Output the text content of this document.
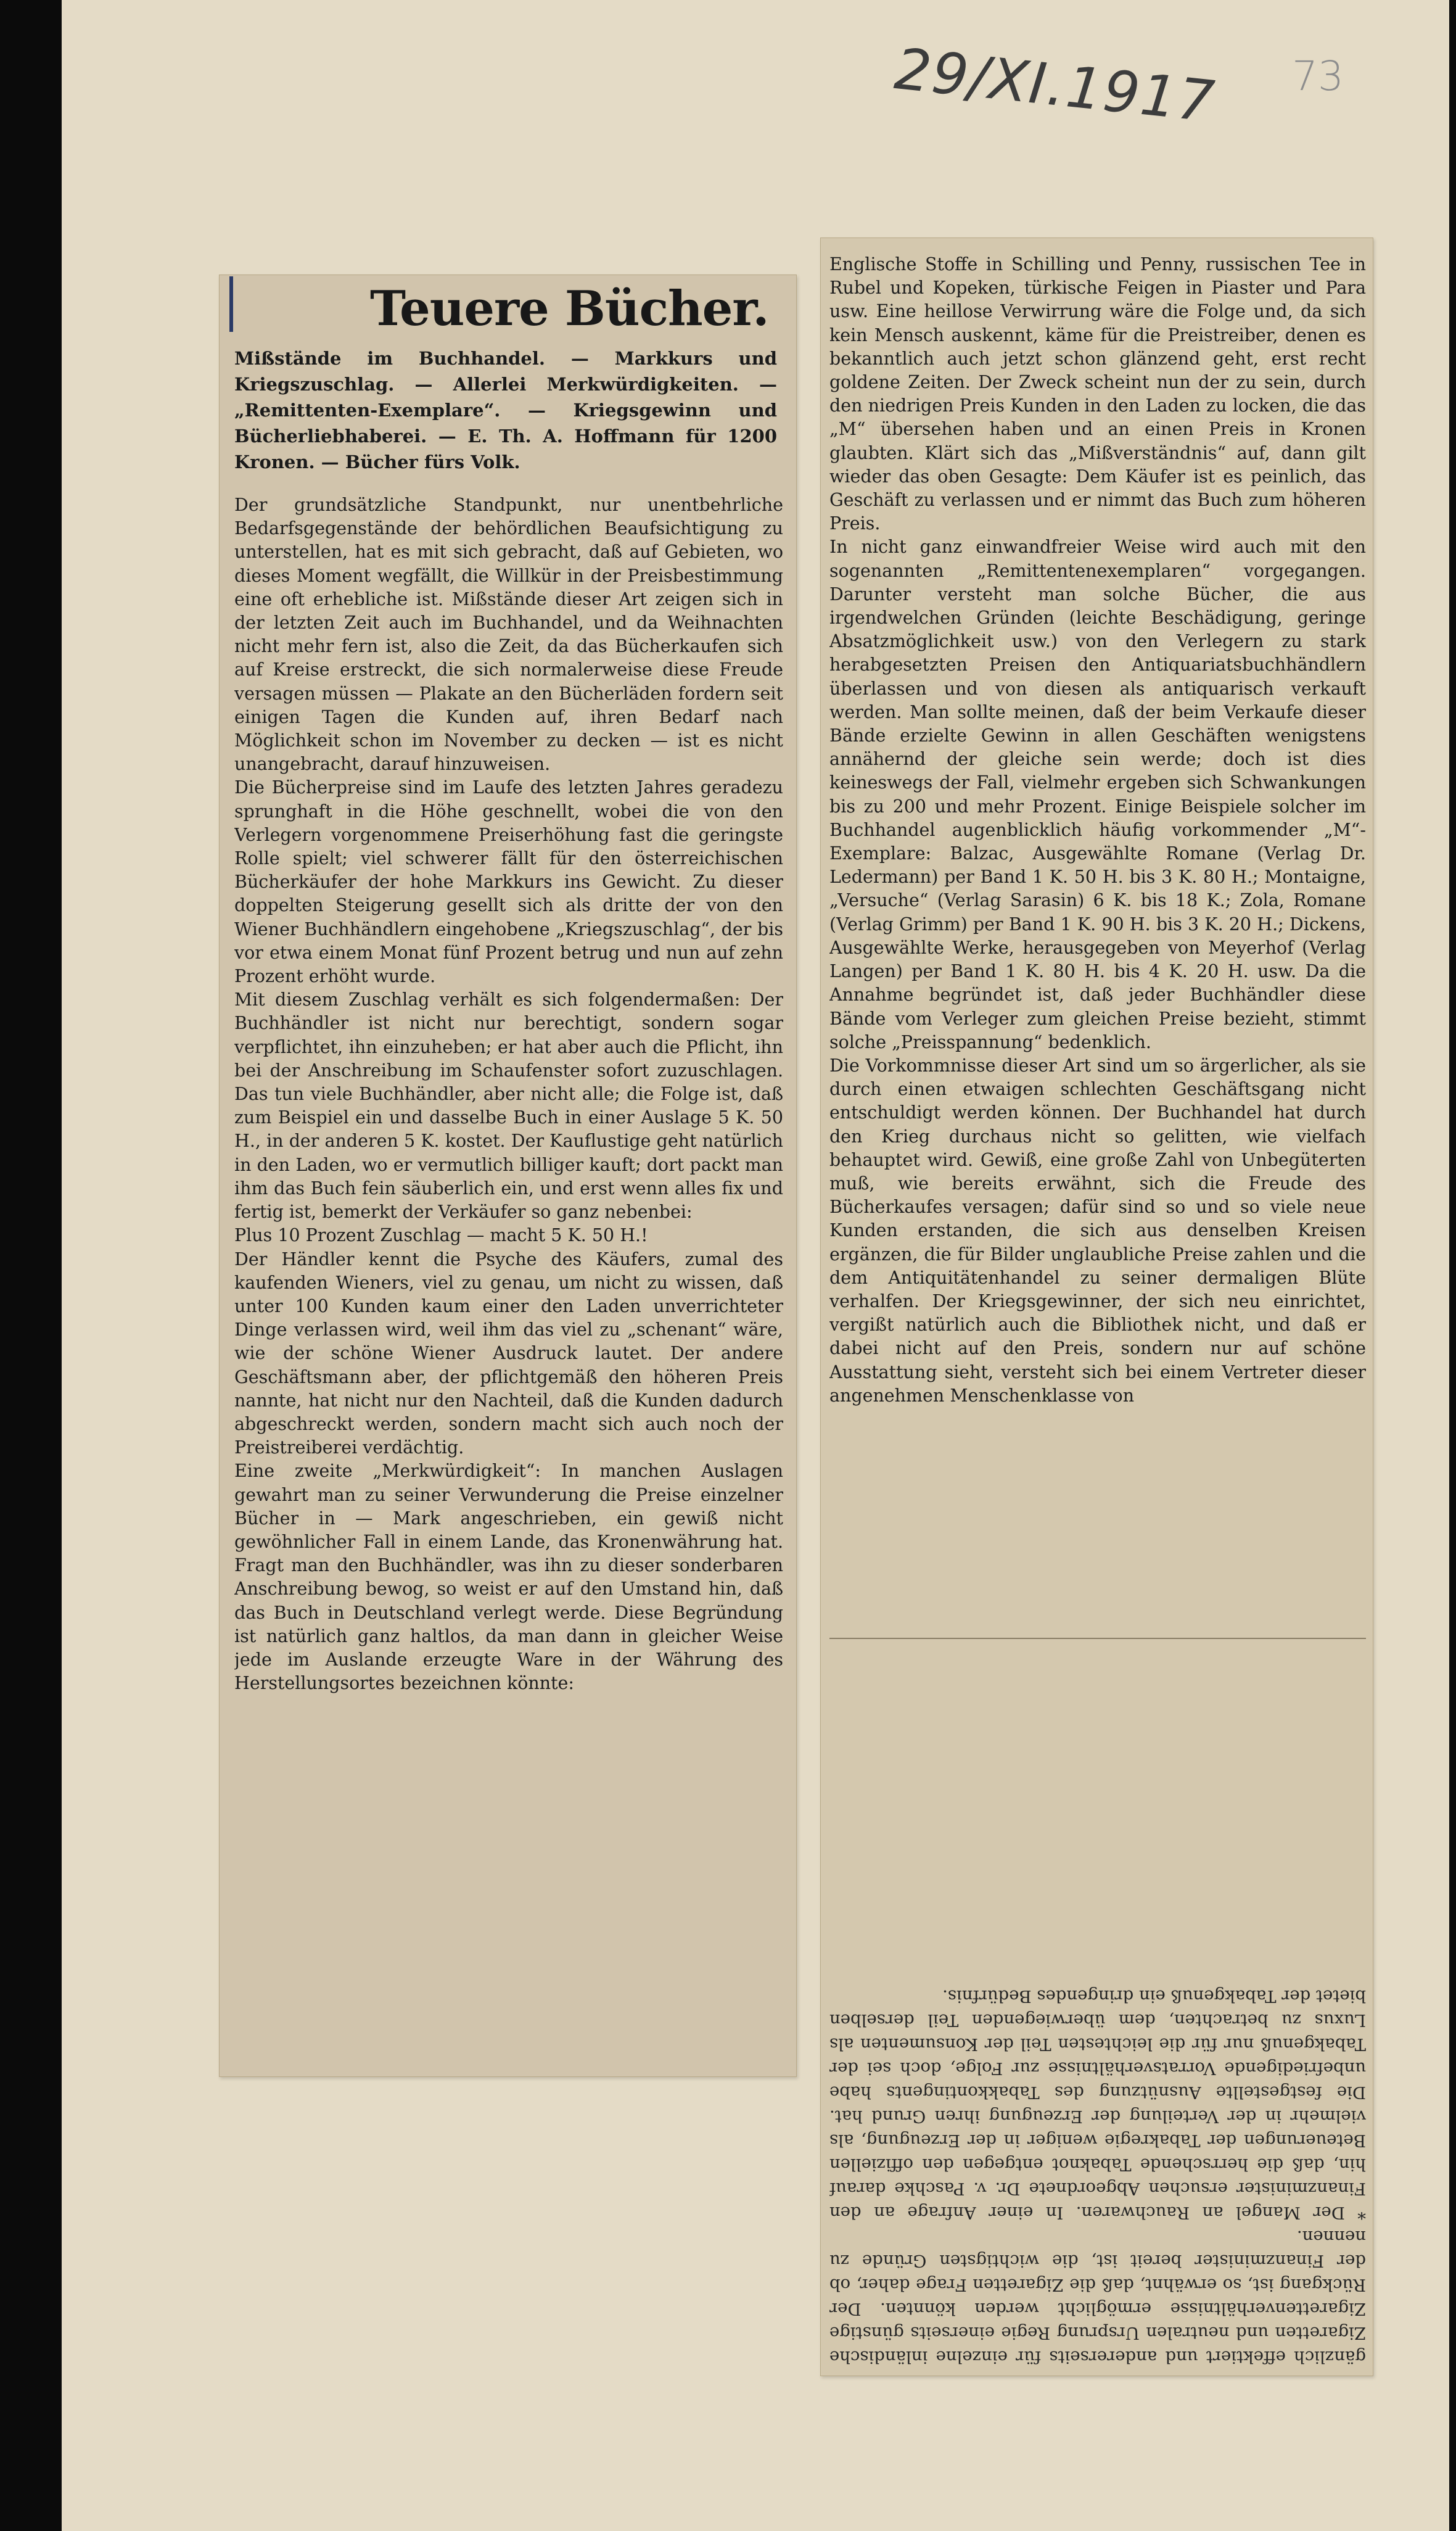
29/XI.1917 73
Teuere Bücher.
Mißstände im Buchhandel. — Markkurs und Kriegszuschlag. — Allerlei Merkwürdigkeiten. — „Remittenten-Exemplare“. — Kriegsgewinn und Bücherliebhaberei. — E. Th. A. Hoffmann für 1200 Kronen. — Bücher fürs Volk.
Der grundsätzliche Standpunkt, nur unentbehrliche Bedarfsgegenstände der behördlichen Beaufsichtigung zu unterstellen, hat es mit sich gebracht, daß auf Gebieten, wo dieses Moment wegfällt, die Willkür in der Preisbestimmung eine oft erhebliche ist. Mißstände dieser Art zeigen sich in der letzten Zeit auch im Buchhandel, und da Weihnachten nicht mehr fern ist, also die Zeit, da das Bücherkaufen sich auf Kreise erstreckt, die sich normalerweise diese Freude versagen müssen — Plakate an den Bücherläden fordern seit einigen Tagen die Kunden auf, ihren Bedarf nach Möglichkeit schon im November zu decken — ist es nicht unangebracht, darauf hinzuweisen.
Die Bücherpreise sind im Laufe des letzten Jahres geradezu sprunghaft in die Höhe geschnellt, wobei die von den Verlegern vorgenommene Preiserhöhung fast die geringste Rolle spielt; viel schwerer fällt für den österreichischen Bücherkäufer der hohe Markkurs ins Gewicht. Zu dieser doppelten Steigerung gesellt sich als dritte der von den Wiener Buchhändlern eingehobene „Kriegszuschlag“, der bis vor etwa einem Monat fünf Prozent betrug und nun auf zehn Prozent erhöht wurde.
Mit diesem Zuschlag verhält es sich folgendermaßen: Der Buchhändler ist nicht nur berechtigt, sondern sogar verpflichtet, ihn einzuheben; er hat aber auch die Pflicht, ihn bei der Anschreibung im Schaufenster sofort zuzuschlagen. Das tun viele Buchhändler, aber nicht alle; die Folge ist, daß zum Beispiel ein und dasselbe Buch in einer Auslage 5 K. 50 H., in der anderen 5 K. kostet. Der Kauflustige geht natürlich in den Laden, wo er vermutlich billiger kauft; dort packt man ihm das Buch fein säuberlich ein, und erst wenn alles fix und fertig ist, bemerkt der Verkäufer so ganz nebenbei:
Plus 10 Prozent Zuschlag — macht 5 K. 50 H.!
Der Händler kennt die Psyche des Käufers, zumal des kaufenden Wieners, viel zu genau, um nicht zu wissen, daß unter 100 Kunden kaum einer den Laden unverrichteter Dinge verlassen wird, weil ihm das viel zu „schenant“ wäre, wie der schöne Wiener Ausdruck lautet. Der andere Geschäftsmann aber, der pflichtgemäß den höheren Preis nannte, hat nicht nur den Nachteil, daß die Kunden dadurch abgeschreckt werden, sondern macht sich auch noch der Preistreiberei verdächtig.
Eine zweite „Merkwürdigkeit“: In manchen Auslagen gewahrt man zu seiner Verwunderung die Preise einzelner Bücher in — Mark angeschrieben, ein gewiß nicht gewöhnlicher Fall in einem Lande, das Kronenwährung hat. Fragt man den Buchhändler, was ihn zu dieser sonderbaren Anschreibung bewog, so weist er auf den Umstand hin, daß das Buch in Deutschland verlegt werde. Diese Begründung ist natürlich ganz haltlos, da man dann in gleicher Weise jede im Auslande erzeugte Ware in der Währung des Herstellungsortes bezeichnen könnte:
Englische Stoffe in Schilling und Penny, russischen Tee in Rubel und Kopeken, türkische Feigen in Piaster und Para usw. Eine heillose Verwirrung wäre die Folge und, da sich kein Mensch auskennt, käme für die Preistreiber, denen es bekanntlich auch jetzt schon glänzend geht, erst recht goldene Zeiten. Der Zweck scheint nun der zu sein, durch den niedrigen Preis Kunden in den Laden zu locken, die das „M“ übersehen haben und an einen Preis in Kronen glaubten. Klärt sich das „Mißverständnis“ auf, dann gilt wieder das oben Gesagte: Dem Käufer ist es peinlich, das Geschäft zu verlassen und er nimmt das Buch zum höheren Preis.
In nicht ganz einwandfreier Weise wird auch mit den sogenannten „Remittentenexemplaren“ vorgegangen. Darunter versteht man solche Bücher, die aus irgendwelchen Gründen (leichte Beschädigung, geringe Absatzmöglichkeit usw.) von den Verlegern zu stark herabgesetzten Preisen den Antiquariatsbuchhändlern überlassen und von diesen als antiquarisch verkauft werden. Man sollte meinen, daß der beim Verkaufe dieser Bände erzielte Gewinn in allen Geschäften wenigstens annähernd der gleiche sein werde; doch ist dies keineswegs der Fall, vielmehr ergeben sich Schwankungen bis zu 200 und mehr Prozent. Einige Beispiele solcher im Buchhandel augenblicklich häufig vorkommender „M“-Exemplare: Balzac, Ausgewählte Romane (Verlag Dr. Ledermann) per Band 1 K. 50 H. bis 3 K. 80 H.; Montaigne, „Versuche“ (Verlag Sarasin) 6 K. bis 18 K.; Zola, Romane (Verlag Grimm) per Band 1 K. 90 H. bis 3 K. 20 H.; Dickens, Ausgewählte Werke, herausgegeben von Meyerhof (Verlag Langen) per Band 1 K. 80 H. bis 4 K. 20 H. usw. Da die Annahme begründet ist, daß jeder Buchhändler diese Bände vom Verleger zum gleichen Preise bezieht, stimmt solche „Preisspannung“ bedenklich.
Die Vorkommnisse dieser Art sind um so ärgerlicher, als sie durch einen etwaigen schlechten Geschäftsgang nicht entschuldigt werden können. Der Buchhandel hat durch den Krieg durchaus nicht so gelitten, wie vielfach behauptet wird. Gewiß, eine große Zahl von Unbegüterten muß, wie bereits erwähnt, sich die Freude des Bücherkaufes versagen; dafür sind so und so viele neue Kunden erstanden, die sich aus denselben Kreisen ergänzen, die für Bilder unglaubliche Preise zahlen und die dem Antiquitätenhandel zu seiner dermaligen Blüte verhalfen. Der Kriegsgewinner, der sich neu einrichtet, vergißt natürlich auch die Bibliothek nicht, und daß er dabei nicht auf den Preis, sondern nur auf schöne Ausstattung sieht, versteht sich bei einem Vertreter dieser angenehmen Menschenklasse von
gänzlich effektiert und andererseits für einzelne inländische Zigaretten und neutralen Ursprung Regie einerseits günstige Zigarettenverhältnisse ermöglicht werden könnten. Der Rückgang ist, so erwähnt, daß die Zigaretten Frage daher, ob der Finanzminister bereit ist, die wichtigsten Gründe zu nennen.
* Der Mangel an Rauchwaren. In einer Anfrage an den Finanzminister ersuchen Abgeordnete Dr. v. Paschke darauf hin, daß die herrschende Tabaknot entgegen den offiziellen Beteuerungen der Tabakregie weniger in der Erzeugung, als vielmehr in der Verteilung der Erzeugung ihren Grund hat. Die festgestellte Ausnützung des Tabakkontingents habe unbefriedigende Vorratsverhältnisse zur Folge, doch sei der Tabakgenuß nur für die leichtesten Teil der Konsumenten als Luxus zu betrachten, dem überwiegenden Teil derselben bietet der Tabakgenuß ein dringendes Bedürfnis.
